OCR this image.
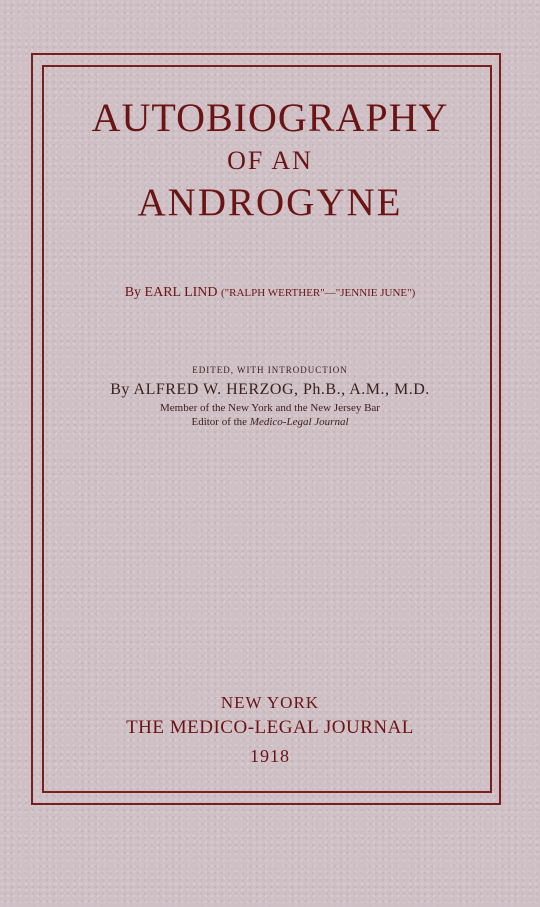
AUTOBIOGRAPHY
OF AN
ANDROGYNE
By EARL LIND ("RALPH WERTHER"—"JENNIE JUNE")
EDITED, WITH INTRODUCTION
By ALFRED W. HERZOG, Ph.B., A.M., M.D.
Member of the New York and the New Jersey Bar
Editor of the Medico-Legal Journal
NEW YORK
THE MEDICO-LEGAL JOURNAL
1918
